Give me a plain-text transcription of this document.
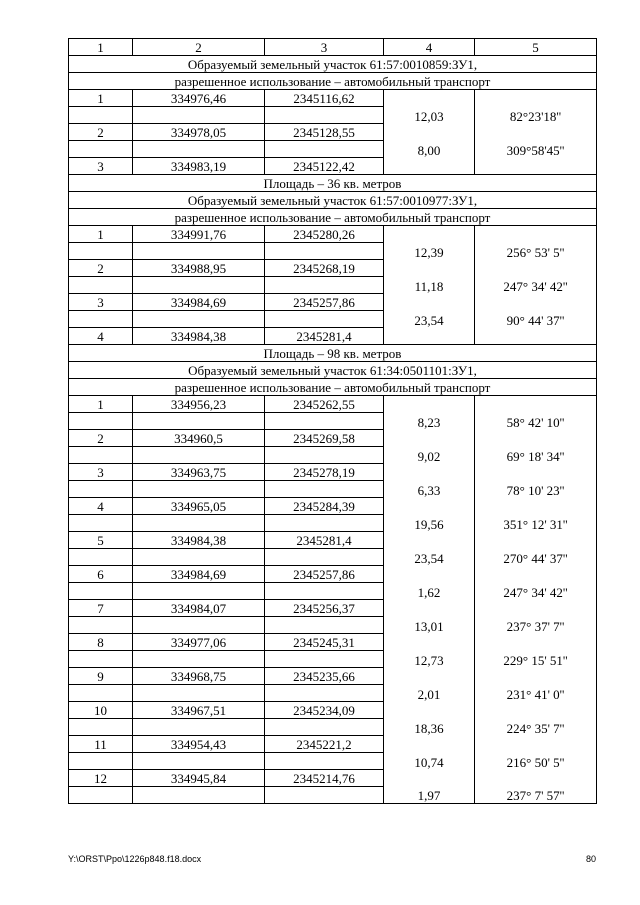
1	2	3	4	5
Образуемый земельный участок 61:57:0010859:ЗУ1,				
разрешенное использование – автомобильный транспорт				
1	334976,46	2345116,62		
			12,03	82°23'18''
2	334978,05	2345128,55		
			8,00	309°58'45''
3	334983,19	2345122,42		
Площадь – 36 кв. метров				
Образуемый земельный участок 61:57:0010977:ЗУ1,				
разрешенное использование – автомобильный транспорт				
1	334991,76	2345280,26		
			12,39	256° 53' 5''
2	334988,95	2345268,19		
			11,18	247° 34' 42''
3	334984,69	2345257,86		
			23,54	90° 44' 37''
4	334984,38	2345281,4		
Площадь – 98 кв. метров				
Образуемый земельный участок 61:34:0501101:ЗУ1,				
разрешенное использование – автомобильный транспорт				
1	334956,23	2345262,55		
			8,23	58° 42' 10''
2	334960,5	2345269,58		
			9,02	69° 18' 34''
3	334963,75	2345278,19		
			6,33	78° 10' 23''
4	334965,05	2345284,39		
			19,56	351° 12' 31''
5	334984,38	2345281,4		
			23,54	270° 44' 37''
6	334984,69	2345257,86		
			1,62	247° 34' 42''
7	334984,07	2345256,37		
			13,01	237° 37' 7''
8	334977,06	2345245,31		
			12,73	229° 15' 51''
9	334968,75	2345235,66		
			2,01	231° 41' 0''
10	334967,51	2345234,09		
			18,36	224° 35' 7''
11	334954,43	2345221,2		
			10,74	216° 50' 5''
12	334945,84	2345214,76		
			1,97	237° 7' 57''
Y:\ORST\Ppo\1226p848.f18.docx	80
